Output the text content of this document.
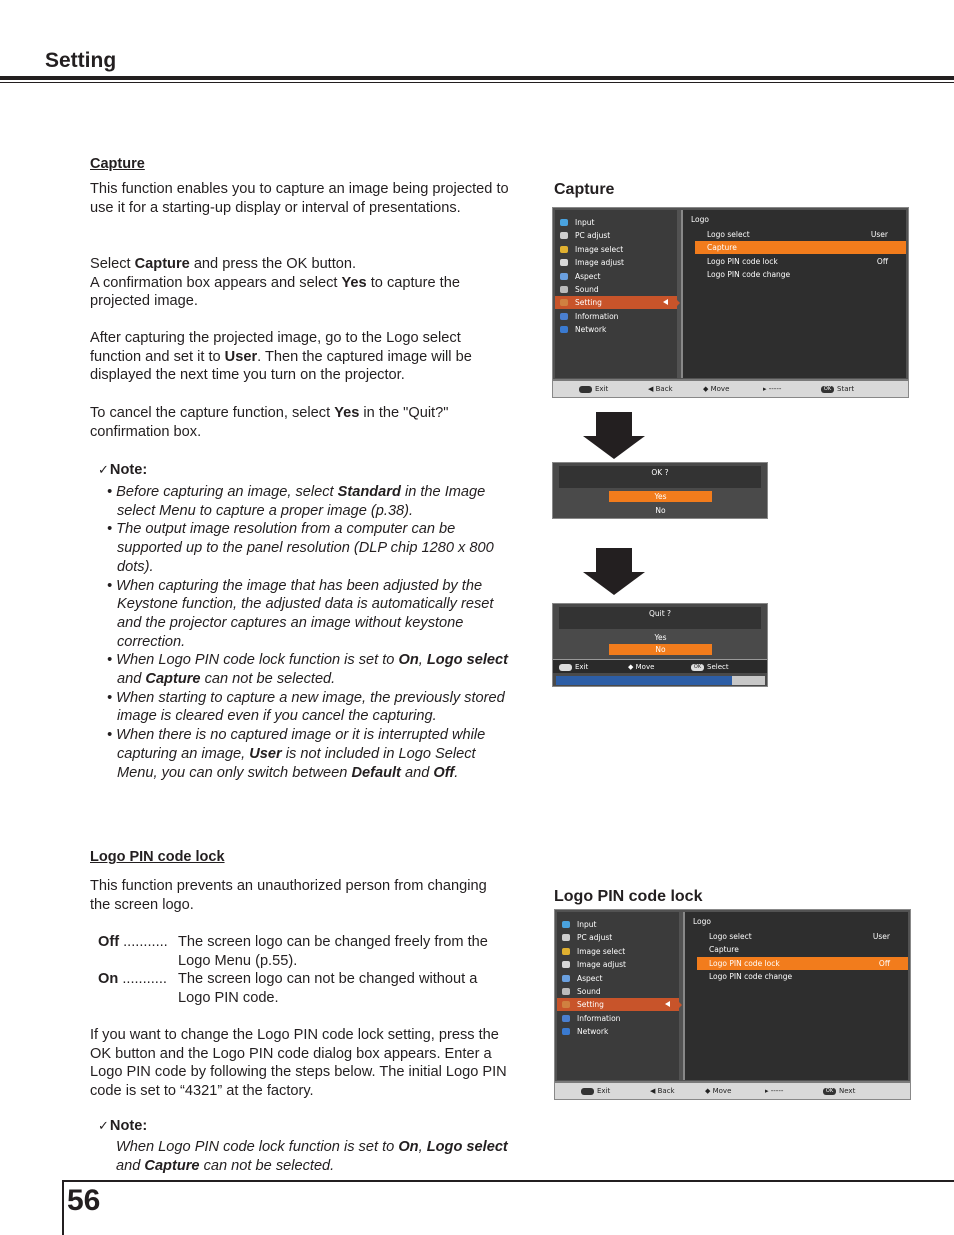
Setting
Capture
This function enables you to capture an image being projected to use it for a starting-up display or interval of presentations.
Select Capture and press the OK button.
A confirmation box appears and select Yes to capture the projected image.
After capturing the projected image, go to the Logo select function and set it to User. Then the captured image will be displayed the next time you turn on the projector.
To cancel the capture function, select Yes in the "Quit?" confirmation box.
✓Note:
• Before capturing an image, select Standard in the Image select Menu to capture a proper image (p.38).
• The output image resolution from a computer can be supported up to the panel resolution (DLP chip 1280 x 800 dots).
• When capturing the image that has been adjusted by the Keystone function, the adjusted data is automatically reset and the projector captures an image without keystone correction.
• When Logo PIN code lock function is set to On, Logo select and Capture can not be selected.
• When starting to capture a new image, the previously stored image is cleared even if you cancel the capturing.
• When there is no captured image or it is interrupted while capturing an image, User is not included in Logo Select Menu, you can only switch between Default and Off.
Capture
Input
PC adjust
Image select
Image adjust
Aspect
Sound
Setting
Information
Network
Logo
Logo select	User
Capture
Logo PIN code lock	Off
Logo PIN code change
Exit	◀ Back	◆ Move	▸ -----	OK Start
OK ?
Yes
No
Quit ?
Yes
No
Exit	◆ Move	OK Select
Logo PIN code lock
This function prevents an unauthorized person from changing the screen logo.
Off ........... The screen logo can be changed freely from the Logo Menu (p.55).
On ........... The screen logo can not be changed without a Logo PIN code.
If you want to change the Logo PIN code lock setting, press the OK button and the Logo PIN code dialog box appears. Enter a Logo PIN code by following the steps below. The initial Logo PIN code is set to “4321” at the factory.
✓Note:
When Logo PIN code lock function is set to On, Logo select and Capture can not be selected.
Logo PIN code lock
Input
PC adjust
Image select
Image adjust
Aspect
Sound
Setting
Information
Network
Logo
Logo select	User
Capture
Logo PIN code lock	Off
Logo PIN code change
Exit	◀ Back	◆ Move	▸ -----	OK Next
56
